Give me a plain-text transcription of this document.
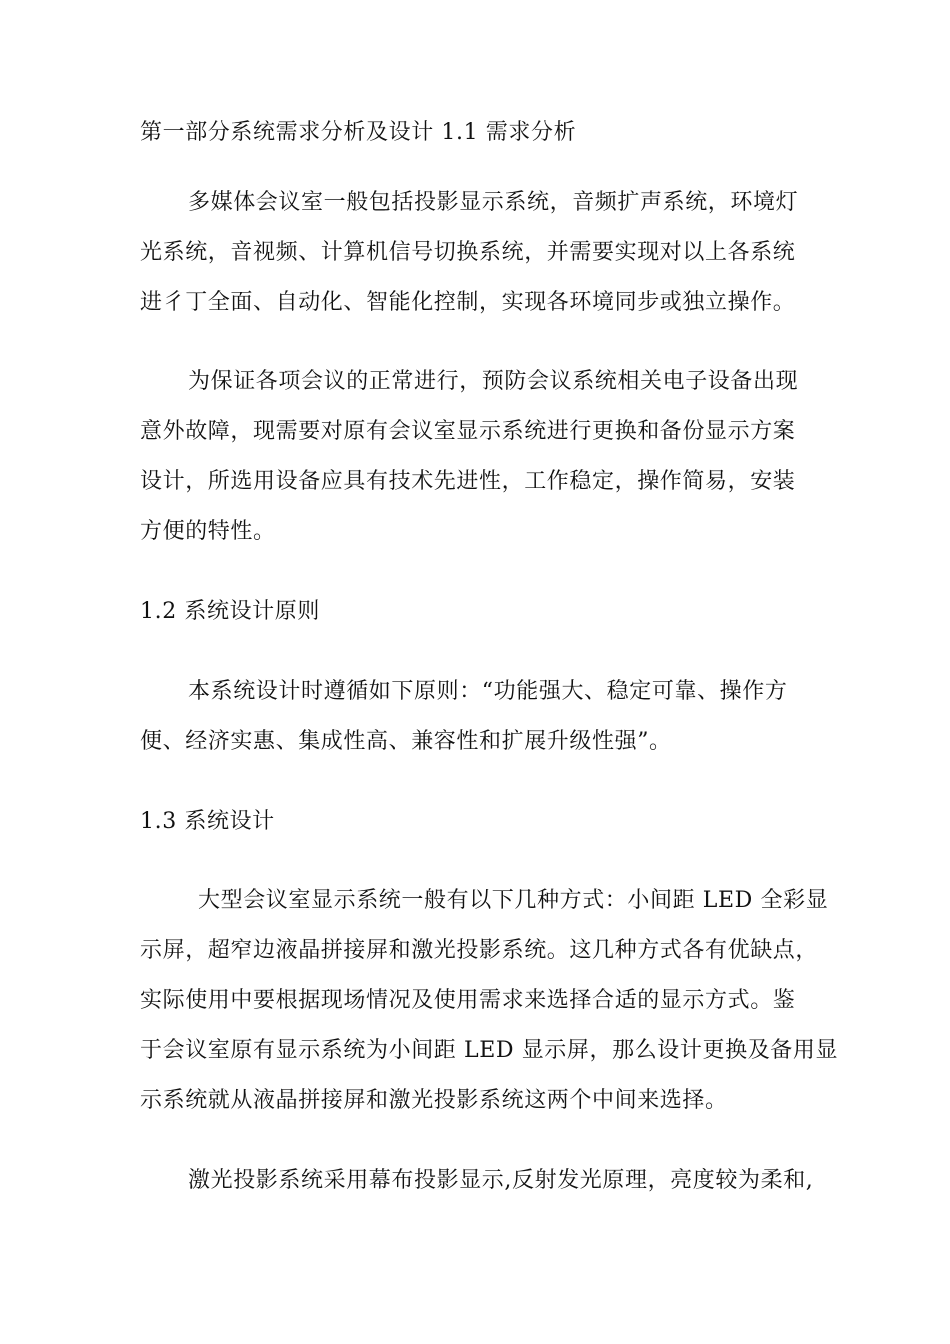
第一部分系统需求分析及设计 1.1 需求分析
多媒体会议室一般包括投影显示系统，音频扩声系统，环境灯
光系统，音视频、计算机信号切换系统，并需要实现对以上各系统
进彳丁全面、自动化、智能化控制，实现各环境同步或独立操作。
为保证各项会议的正常进行，预防会议系统相关电子设备出现
意外故障，现需要对原有会议室显示系统进行更换和备份显示方案
设计，所选用设备应具有技术先进性，工作稳定，操作简易，安装
方便的特性。
1.2 系统设计原则
本系统设计时遵循如下原则：“功能强大、稳定可靠、操作方
便、经济实惠、集成性高、兼容性和扩展升级性强”。
1.3 系统设计
大型会议室显示系统一般有以下几种方式：小间距 LED 全彩显
示屏，超窄边液晶拼接屏和激光投影系统。这几种方式各有优缺点，
实际使用中要根据现场情况及使用需求来选择合适的显示方式。鉴
于会议室原有显示系统为小间距 LED 显示屏，那么设计更换及备用显
示系统就从液晶拼接屏和激光投影系统这两个中间来选择。
激光投影系统采用幕布投影显示,反射发光原理，亮度较为柔和,
